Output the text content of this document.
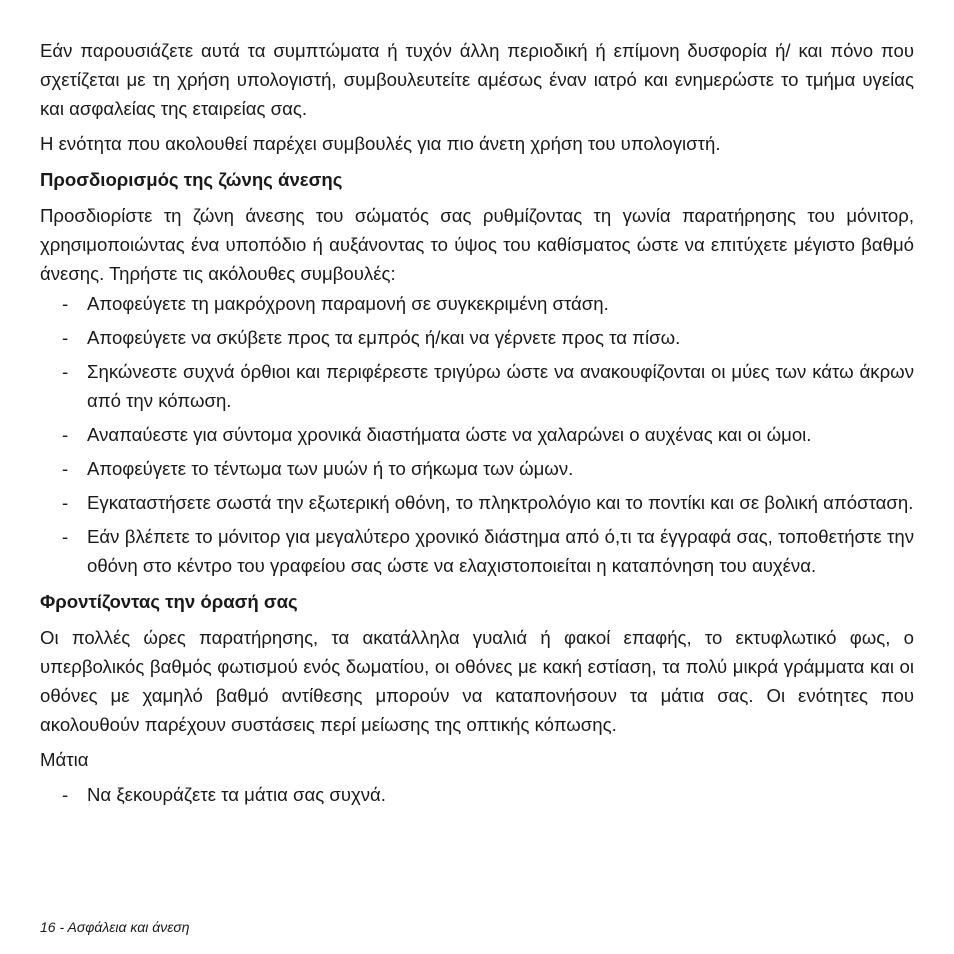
Εάν παρουσιάζετε αυτά τα συμπτώματα ή τυχόν άλλη περιοδική ή επίμονη δυσφορία ή/ και πόνο που σχετίζεται με τη χρήση υπολογιστή, συμβουλευτείτε αμέσως έναν ιατρό και ενημερώστε το τμήμα υγείας και ασφαλείας της εταιρείας σας.

Η ενότητα που ακολουθεί παρέχει συμβουλές για πιο άνετη χρήση του υπολογιστή.

Προσδιορισμός της ζώνης άνεσης

Προσδιορίστε τη ζώνη άνεσης του σώματός σας ρυθμίζοντας τη γωνία παρατήρησης του μόνιτορ, χρησιμοποιώντας ένα υποπόδιο ή αυξάνοντας το ύψος του καθίσματος ώστε να επιτύχετε μέγιστο βαθμό άνεσης. Τηρήστε τις ακόλουθες συμβουλές:

- Αποφεύγετε τη μακρόχρονη παραμονή σε συγκεκριμένη στάση.
- Αποφεύγετε να σκύβετε προς τα εμπρός ή/και να γέρνετε προς τα πίσω.
- Σηκώνεστε συχνά όρθιοι και περιφέρεστε τριγύρω ώστε να ανακουφίζονται οι μύες των κάτω άκρων από την κόπωση.
- Αναπαύεστε για σύντομα χρονικά διαστήματα ώστε να χαλαρώνει ο αυχένας και οι ώμοι.
- Αποφεύγετε το τέντωμα των μυών ή το σήκωμα των ώμων.
- Εγκαταστήσετε σωστά την εξωτερική οθόνη, το πληκτρολόγιο και το ποντίκι και σε βολική απόσταση.
- Εάν βλέπετε το μόνιτορ για μεγαλύτερο χρονικό διάστημα από ό,τι τα έγγραφά σας, τοποθετήστε την οθόνη στο κέντρο του γραφείου σας ώστε να ελαχιστοποιείται η καταπόνηση του αυχένα.
Φροντίζοντας την όρασή σας

Οι πολλές ώρες παρατήρησης, τα ακατάλληλα γυαλιά ή φακοί επαφής, το εκτυφλωτικό φως, ο υπερβολικός βαθμός φωτισμού ενός δωματίου, οι οθόνες με κακή εστίαση, τα πολύ μικρά γράμματα και οι οθόνες με χαμηλό βαθμό αντίθεσης μπορούν να καταπονήσουν τα μάτια σας. Οι ενότητες που ακολουθούν παρέχουν συστάσεις περί μείωσης της οπτικής κόπωσης.

Μάτια

- Να ξεκουράζετε τα μάτια σας συχνά.
16 - Ασφάλεια και άνεση
